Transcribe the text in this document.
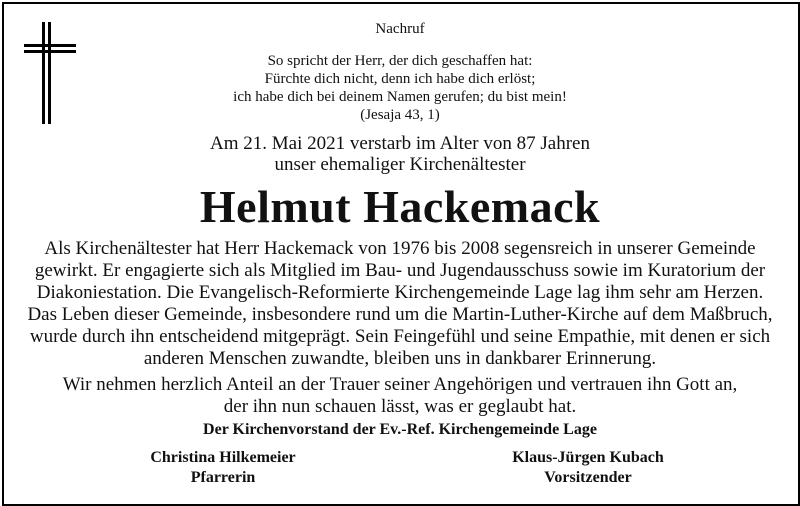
Nachruf
So spricht der Herr, der dich geschaffen hat:
Fürchte dich nicht, denn ich habe dich erlöst;
ich habe dich bei deinem Namen gerufen; du bist mein!
(Jesaja 43, 1)
Am 21. Mai 2021 verstarb im Alter von 87 Jahren
unser ehemaliger Kirchenältester
Helmut Hackemack
Als Kirchenältester hat Herr Hackemack von 1976 bis 2008 segensreich in unserer Gemeinde
gewirkt. Er engagierte sich als Mitglied im Bau- und Jugendausschuss sowie im Kuratorium der
Diakoniestation. Die Evangelisch-Reformierte Kirchengemeinde Lage lag ihm sehr am Herzen.
Das Leben dieser Gemeinde, insbesondere rund um die Martin-Luther-Kirche auf dem Maßbruch,
wurde durch ihn entscheidend mitgeprägt. Sein Feingefühl und seine Empathie, mit denen er sich
anderen Menschen zuwandte, bleiben uns in dankbarer Erinnerung.
Wir nehmen herzlich Anteil an der Trauer seiner Angehörigen und vertrauen ihn Gott an,
der ihn nun schauen lässt, was er geglaubt hat.
Der Kirchenvorstand der Ev.-Ref. Kirchengemeinde Lage
Christina Hilkemeier
Pfarrerin
Klaus-Jürgen Kubach
Vorsitzender
